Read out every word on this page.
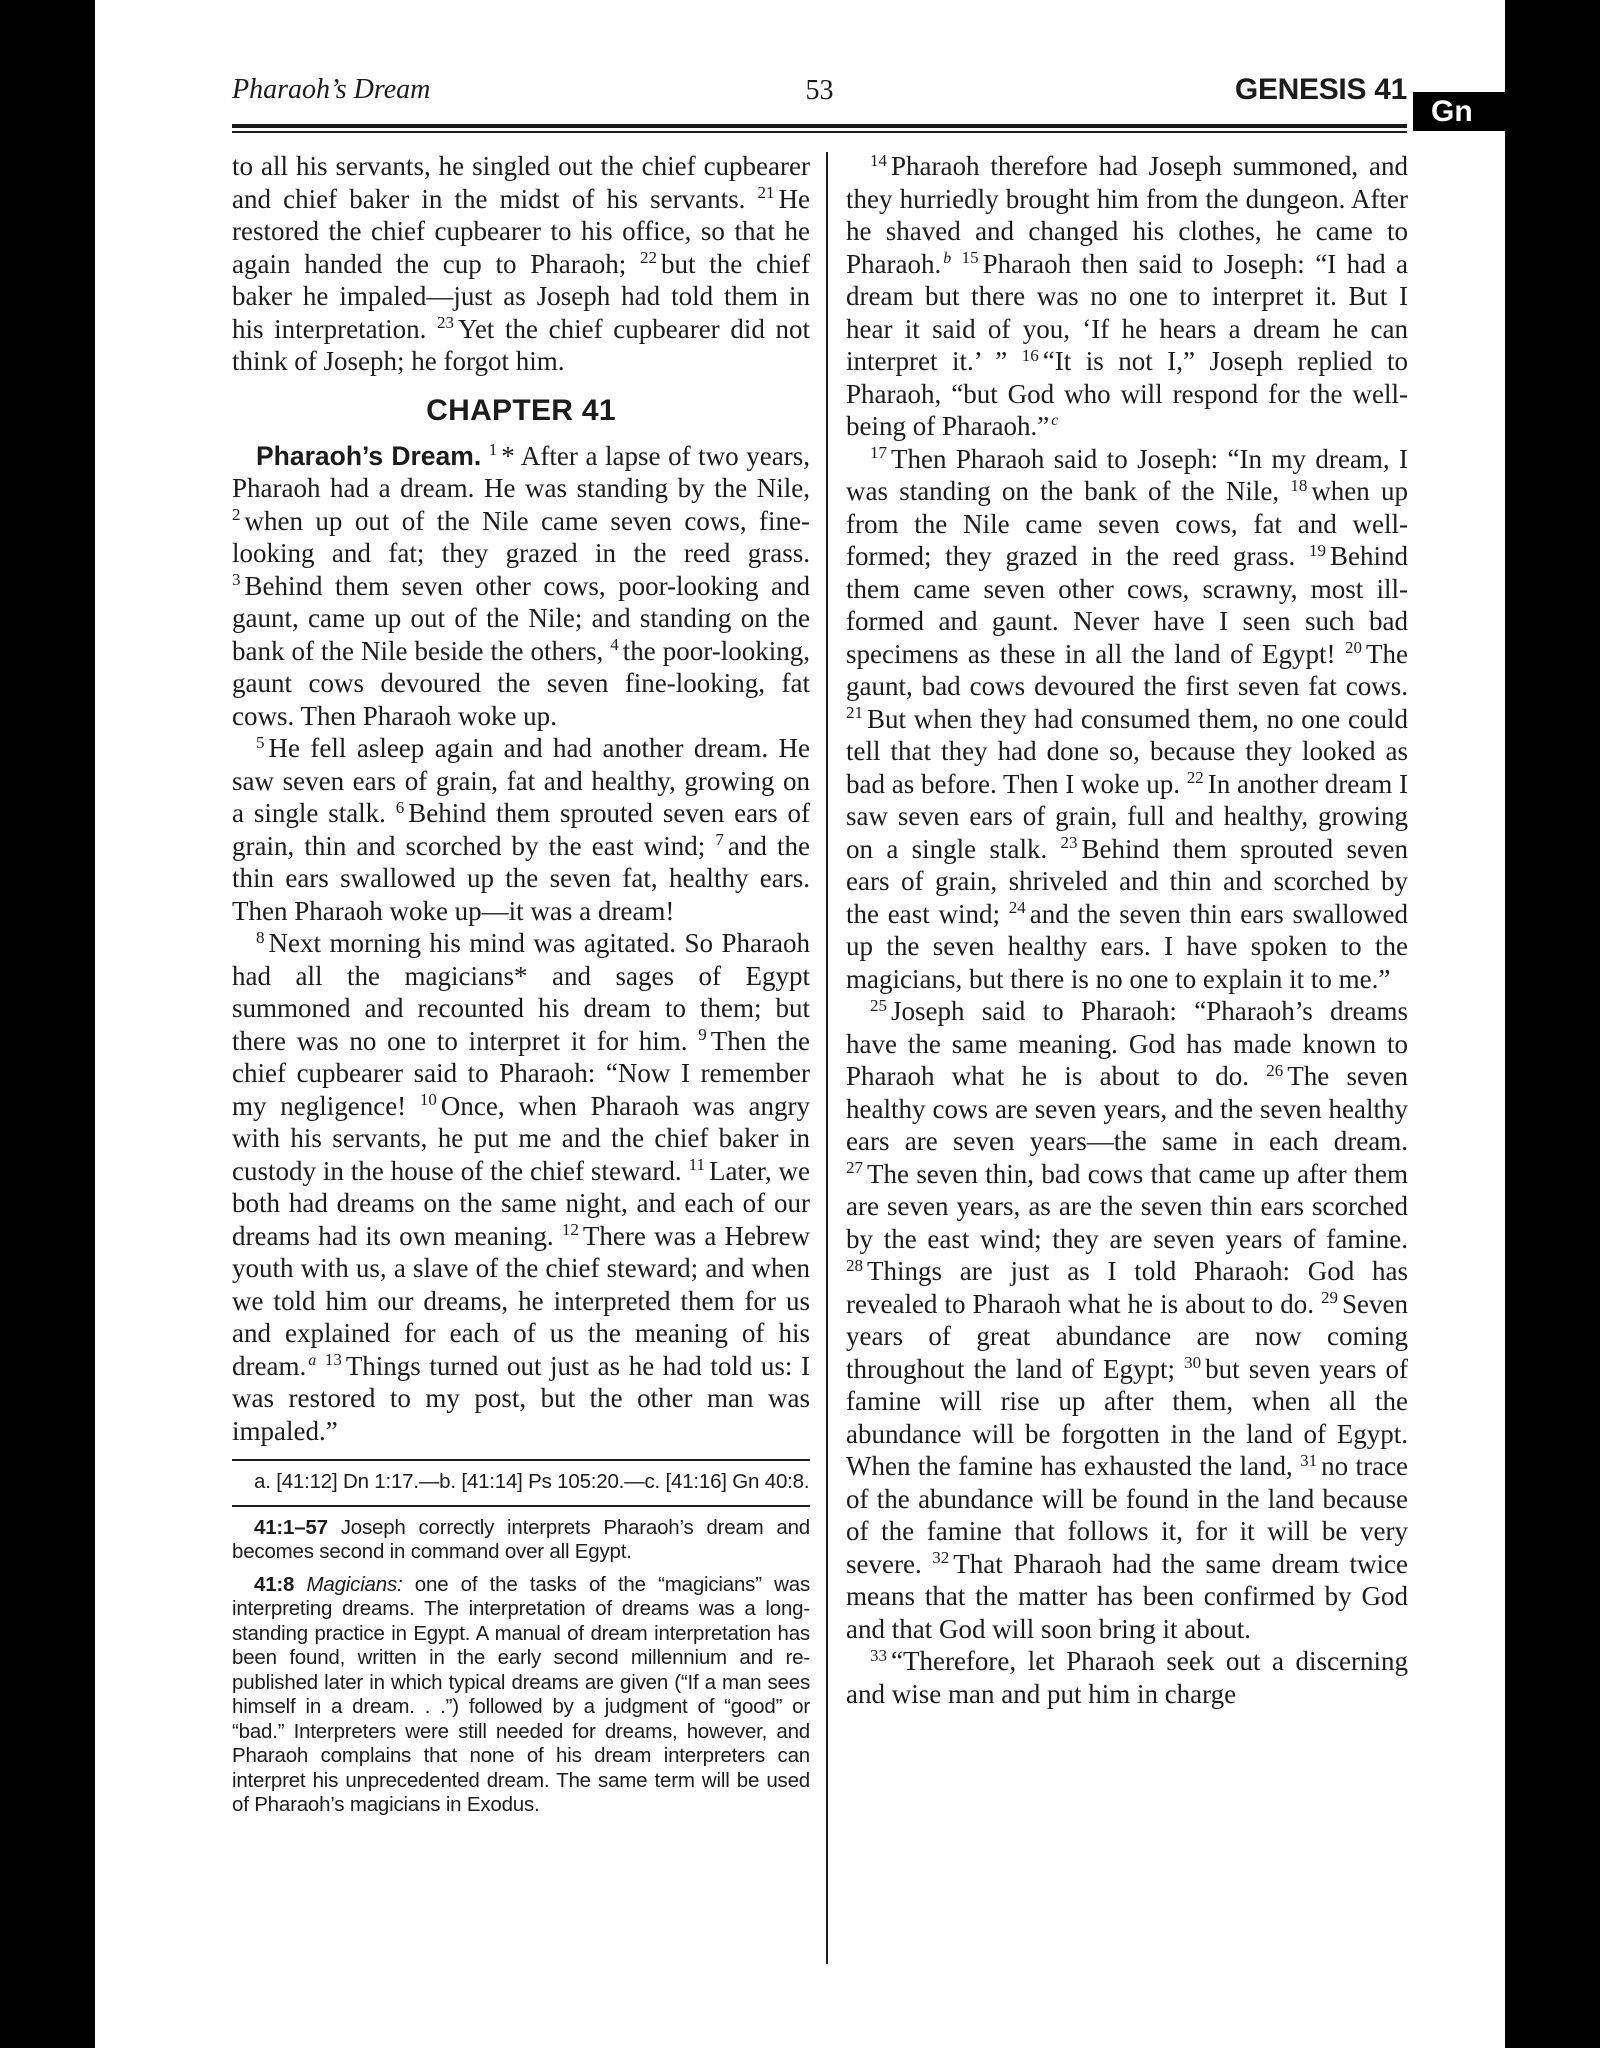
Pharaoh’s Dream	53	GENESIS 41
Gn

to all his servants, he singled out the chief cupbearer and chief baker in the midst of his servants. $^{21}$ He restored the chief cupbearer to his office, so that he again handed the cup to Pharaoh; $^{22}$ but the chief baker he impaled—just as Joseph had told them in his interpretation. $^{23}$ Yet the chief cupbearer did not think of Joseph; he forgot him.

CHAPTER 41

Pharaoh’s Dream. $^1$ * After a lapse of two years, Pharaoh had a dream. He was standing by the Nile, $^2$ when up out of the Nile came seven cows, fine-looking and fat; they grazed in the reed grass. $^3$ Behind them seven other cows, poor-looking and gaunt, came up out of the Nile; and standing on the bank of the Nile beside the others, $^4$ the poor-looking, gaunt cows devoured the seven fine-looking, fat cows. Then Pharaoh woke up.

$^5$ He fell asleep again and had another dream. He saw seven ears of grain, fat and healthy, growing on a single stalk. $^6$ Behind them sprouted seven ears of grain, thin and scorched by the east wind; $^7$ and the thin ears swallowed up the seven fat, healthy ears. Then Pharaoh woke up—it was a dream!

$^8$ Next morning his mind was agitated. So Pharaoh had all the magicians* and sages of Egypt summoned and recounted his dream to them; but there was no one to interpret it for him. $^9$ Then the chief cupbearer said to Pharaoh: “Now I remember my negligence! $^{10}$ Once, when Pharaoh was angry with his servants, he put me and the chief baker in custody in the house of the chief steward. $^{11}$ Later, we both had dreams on the same night, and each of our dreams had its own meaning. $^{12}$ There was a Hebrew youth with us, a slave of the chief steward; and when we told him our dreams, he interpreted them for us and explained for each of us the meaning of his dream. $^a$ $^{13}$ Things turned out just as he had told us: I was restored to my post, but the other man was impaled.”

a. [41:12] Dn 1:17.—b. [41:14] Ps 105:20.—c. [41:16] Gn 40:8.

41:1–57 Joseph correctly interprets Pharaoh’s dream and becomes second in command over all Egypt.

41:8 Magicians: one of the tasks of the “magicians” was interpreting dreams. The interpretation of dreams was a long-standing practice in Egypt. A manual of dream interpretation has been found, written in the early second millennium and re-published later in which typical dreams are given (“If a man sees himself in a dream. . .”) followed by a judgment of “good” or “bad.” Interpreters were still needed for dreams, however, and Pharaoh complains that none of his dream interpreters can interpret his unprecedented dream. The same term will be used of Pharaoh’s magicians in Exodus.

$^{14}$ Pharaoh therefore had Joseph summoned, and they hurriedly brought him from the dungeon. After he shaved and changed his clothes, he came to Pharaoh. $^b$ $^{15}$ Pharaoh then said to Joseph: “I had a dream but there was no one to interpret it. But I hear it said of you, ‘If he hears a dream he can interpret it.’ ” $^{16}$ “It is not I,” Joseph replied to Pharaoh, “but God who will respond for the well-being of Pharaoh.” $^c$

$^{17}$ Then Pharaoh said to Joseph: “In my dream, I was standing on the bank of the Nile, $^{18}$ when up from the Nile came seven cows, fat and well-formed; they grazed in the reed grass. $^{19}$ Behind them came seven other cows, scrawny, most ill-formed and gaunt. Never have I seen such bad specimens as these in all the land of Egypt! $^{20}$ The gaunt, bad cows devoured the first seven fat cows. $^{21}$ But when they had consumed them, no one could tell that they had done so, because they looked as bad as before. Then I woke up. $^{22}$ In another dream I saw seven ears of grain, full and healthy, growing on a single stalk. $^{23}$ Behind them sprouted seven ears of grain, shriveled and thin and scorched by the east wind; $^{24}$ and the seven thin ears swallowed up the seven healthy ears. I have spoken to the magicians, but there is no one to explain it to me.”

$^{25}$ Joseph said to Pharaoh: “Pharaoh’s dreams have the same meaning. God has made known to Pharaoh what he is about to do. $^{26}$ The seven healthy cows are seven years, and the seven healthy ears are seven years—the same in each dream. $^{27}$ The seven thin, bad cows that came up after them are seven years, as are the seven thin ears scorched by the east wind; they are seven years of famine. $^{28}$ Things are just as I told Pharaoh: God has revealed to Pharaoh what he is about to do. $^{29}$ Seven years of great abundance are now coming throughout the land of Egypt; $^{30}$ but seven years of famine will rise up after them, when all the abundance will be forgotten in the land of Egypt. When the famine has exhausted the land, $^{31}$ no trace of the abundance will be found in the land because of the famine that follows it, for it will be very severe. $^{32}$ That Pharaoh had the same dream twice means that the matter has been confirmed by God and that God will soon bring it about.

$^{33}$ “Therefore, let Pharaoh seek out a discerning and wise man and put him in charge
